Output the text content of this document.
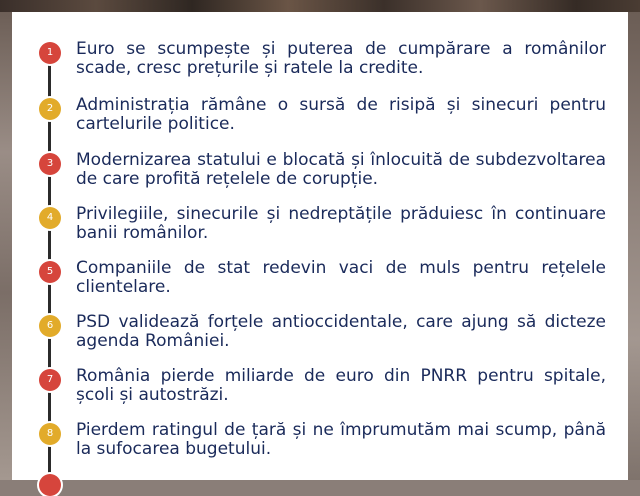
1	Euro se scumpește și puterea de cumpărare a românilor scade, cresc prețurile și ratele la credite.
2	Administrația rămâne o sursă de risipă și sinecuri pentru cartelurile politice.
3	Modernizarea statului e blocată și înlocuită de subdezvoltarea de care profită rețelele de corupție.
4	Privilegiile, sinecurile și nedreptățile prăduiesc în continuare banii românilor.
5	Companiile de stat redevin vaci de muls pentru rețelele clientelare.
6	PSD validează forțele antioccidentale, care ajung să dicteze agenda României.
7	România pierde miliarde de euro din PNRR pentru spitale, școli și autostrăzi.
8	Pierdem ratingul de țară și ne împrumutăm mai scump, până la sufocarea bugetului.
